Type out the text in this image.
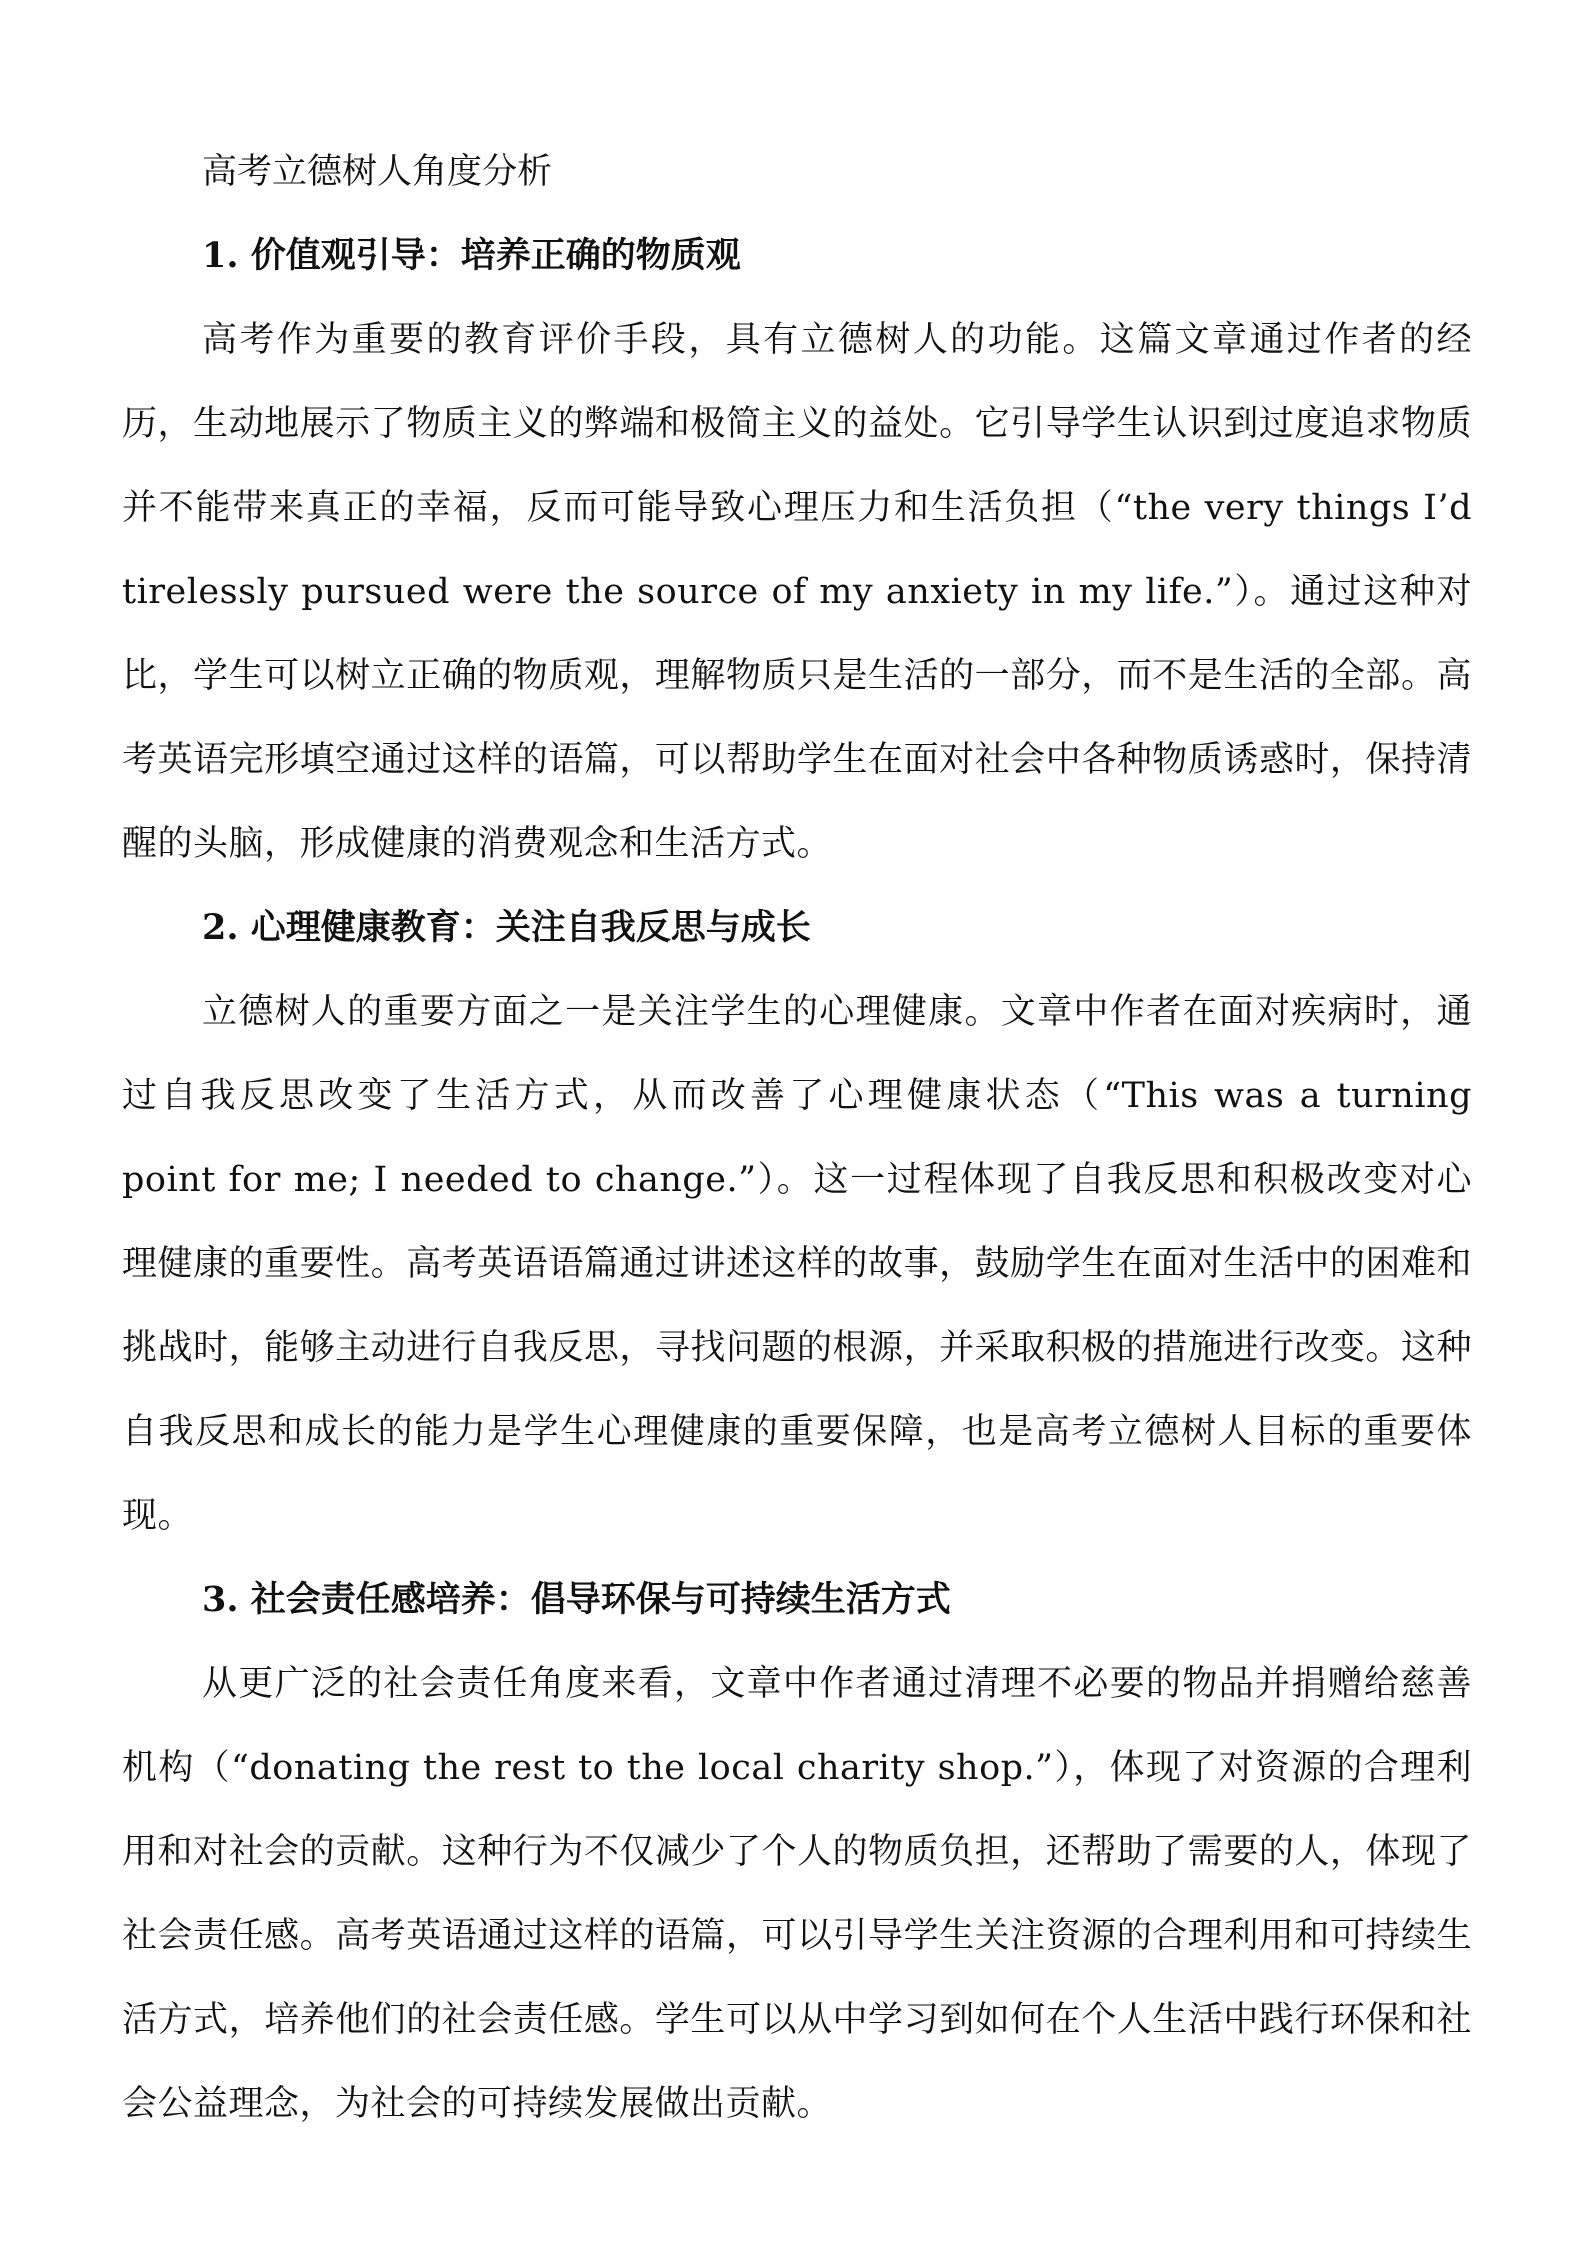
高考立德树人角度分析

1. 价值观引导：培养正确的物质观

高考作为重要的教育评价手段，具有立德树人的功能。这篇文章通过作者的经历，生动地展示了物质主义的弊端和极简主义的益处。它引导学生认识到过度追求物质并不能带来真正的幸福，反而可能导致心理压力和生活负担（“the very things I’d tirelessly pursued were the source of my anxiety in my life.”）。通过这种对比，学生可以树立正确的物质观，理解物质只是生活的一部分，而不是生活的全部。高考英语完形填空通过这样的语篇，可以帮助学生在面对社会中各种物质诱惑时，保持清醒的头脑，形成健康的消费观念和生活方式。

2. 心理健康教育：关注自我反思与成长

立德树人的重要方面之一是关注学生的心理健康。文章中作者在面对疾病时，通过自我反思改变了生活方式，从而改善了心理健康状态（“This was a turning point for me; I needed to change.”）。这一过程体现了自我反思和积极改变对心理健康的重要性。高考英语语篇通过讲述这样的故事，鼓励学生在面对生活中的困难和挑战时，能够主动进行自我反思，寻找问题的根源，并采取积极的措施进行改变。这种自我反思和成长的能力是学生心理健康的重要保障，也是高考立德树人目标的重要体现。

3. 社会责任感培养：倡导环保与可持续生活方式

从更广泛的社会责任角度来看，文章中作者通过清理不必要的物品并捐赠给慈善机构（“donating the rest to the local charity shop.”），体现了对资源的合理利用和对社会的贡献。这种行为不仅减少了个人的物质负担，还帮助了需要的人，体现了社会责任感。高考英语通过这样的语篇，可以引导学生关注资源的合理利用和可持续生活方式，培养他们的社会责任感。学生可以从中学习到如何在个人生活中践行环保和社会公益理念，为社会的可持续发展做出贡献。
